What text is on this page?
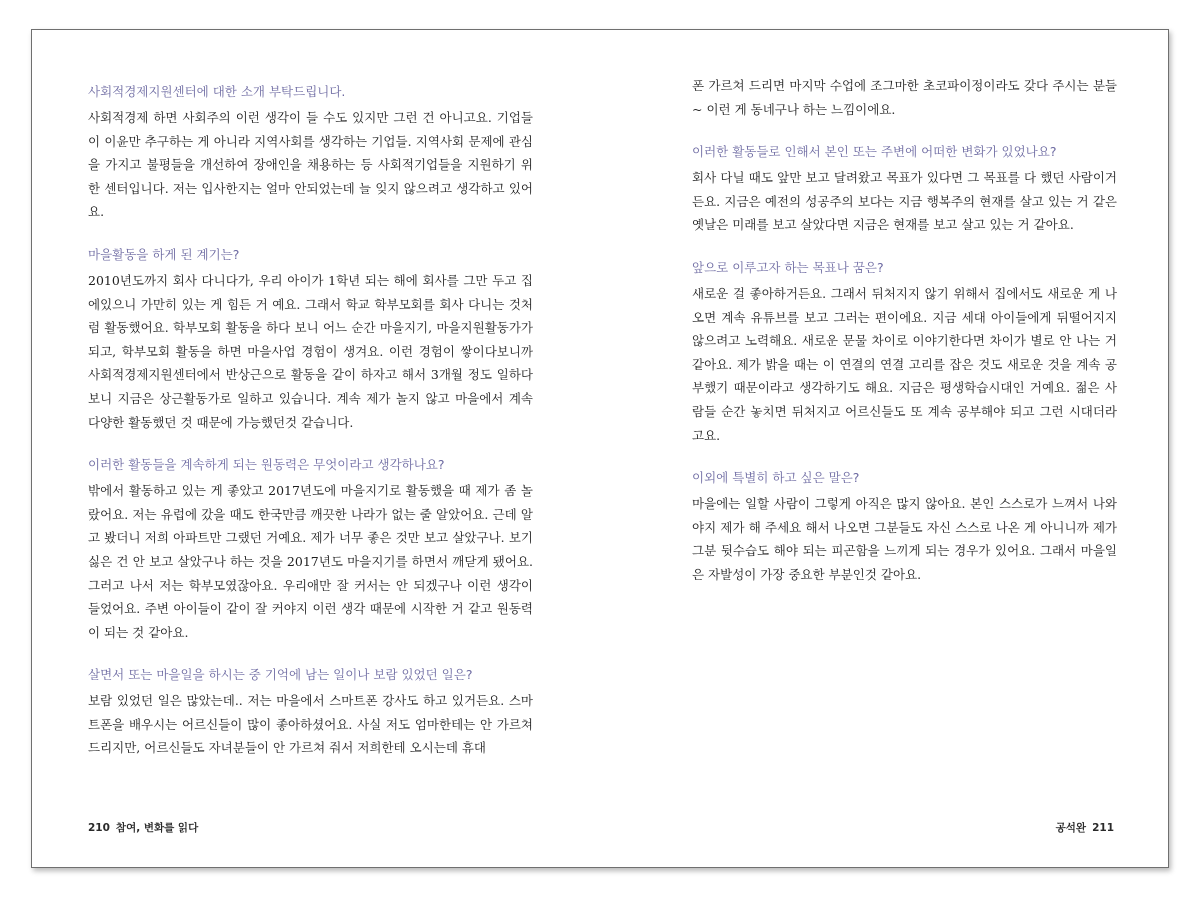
사회적경제지원센터에 대한 소개 부탁드립니다.

사회적경제 하면 사회주의 이런 생각이 들 수도 있지만 그런 건 아니고요. 기업들이 이윤만 추구하는 게 아니라 지역사회를 생각하는 기업들. 지역사회 문제에 관심을 가지고 불평들을 개선하여 장애인을 채용하는 등 사회적기업들을 지원하기 위한 센터입니다. 저는 입사한지는 얼마 안되었는데 늘 잊지 않으려고 생각하고 있어요.

마을활동을 하게 된 계기는?

2010년도까지 회사 다니다가, 우리 아이가 1학년 되는 해에 회사를 그만 두고 집에있으니 가만히 있는 게 힘든 거 예요. 그래서 학교 학부모회를 회사 다니는 것처럼 활동했어요. 학부모회 활동을 하다 보니 어느 순간 마을지기, 마을지원활동가가 되고, 학부모회 활동을 하면 마을사업 경험이 생겨요. 이런 경험이 쌓이다보니까 사회적경제지원센터에서 반상근으로 활동을 같이 하자고 해서 3개월 정도 일하다보니 지금은 상근활동가로 일하고 있습니다. 계속 제가 놀지 않고 마을에서 계속 다양한 활동했던 것 때문에 가능했던것 같습니다.

이러한 활동들을 계속하게 되는 원동력은 무엇이라고 생각하나요?

밖에서 활동하고 있는 게 좋았고 2017년도에 마을지기로 활동했을 때 제가 좀 놀랐어요. 저는 유럽에 갔을 때도 한국만큼 깨끗한 나라가 없는 줄 알았어요. 근데 알고 봤더니 저희 아파트만 그랬던 거예요. 제가 너무 좋은 것만 보고 살았구나. 보기 싫은 건 안 보고 살았구나 하는 것을 2017년도 마을지기를 하면서 깨닫게 됐어요. 그러고 나서 저는 학부모였잖아요. 우리애만 잘 커서는 안 되겠구나 이런 생각이 들었어요. 주변 아이들이 같이 잘 커야지 이런 생각 때문에 시작한 거 같고 원동력이 되는 것 같아요.

살면서 또는 마을일을 하시는 중 기억에 남는 일이나 보람 있었던 일은?

보람 있었던 일은 많았는데.. 저는 마을에서 스마트폰 강사도 하고 있거든요. 스마트폰을 배우시는 어르신들이 많이 좋아하셨어요. 사실 저도 엄마한테는 안 가르쳐 드리지만, 어르신들도 자녀분들이 안 가르쳐 줘서 저희한테 오시는데 휴대

210 참여, 변화를 읽다

폰 가르쳐 드리면 마지막 수업에 조그마한 초코파이정이라도 갖다 주시는 분들~ 이런 게 동네구나 하는 느낌이에요.

이러한 활동들로 인해서 본인 또는 주변에 어떠한 변화가 있었나요?

회사 다닐 때도 앞만 보고 달려왔고 목표가 있다면 그 목표를 다 했던 사람이거든요. 지금은 예전의 성공주의 보다는 지금 행복주의 현재를 살고 있는 거 같은 옛날은 미래를 보고 살았다면 지금은 현재를 보고 살고 있는 거 같아요.

앞으로 이루고자 하는 목표나 꿈은?

새로운 걸 좋아하거든요. 그래서 뒤처지지 않기 위해서 집에서도 새로운 게 나오면 계속 유튜브를 보고 그러는 편이에요. 지금 세대 아이들에게 뒤떨어지지 않으려고 노력해요. 새로운 문물 차이로 이야기한다면 차이가 별로 안 나는 거 같아요. 제가 밝을 때는 이 연결의 연결 고리를 잡은 것도 새로운 것을 계속 공부했기 때문이라고 생각하기도 해요. 지금은 평생학습시대인 거예요. 젊은 사람들 순간 놓치면 뒤처지고 어르신들도 또 계속 공부해야 되고 그런 시대더라고요.

이외에 특별히 하고 싶은 말은?

마을에는 일할 사람이 그렇게 아직은 많지 않아요. 본인 스스로가 느껴서 나와야지 제가 해 주세요 해서 나오면 그분들도 자신 스스로 나온 게 아니니까 제가 그분 뒷수습도 해야 되는 피곤함을 느끼게 되는 경우가 있어요. 그래서 마을일은 자발성이 가장 중요한 부분인것 같아요.

공석완 211
